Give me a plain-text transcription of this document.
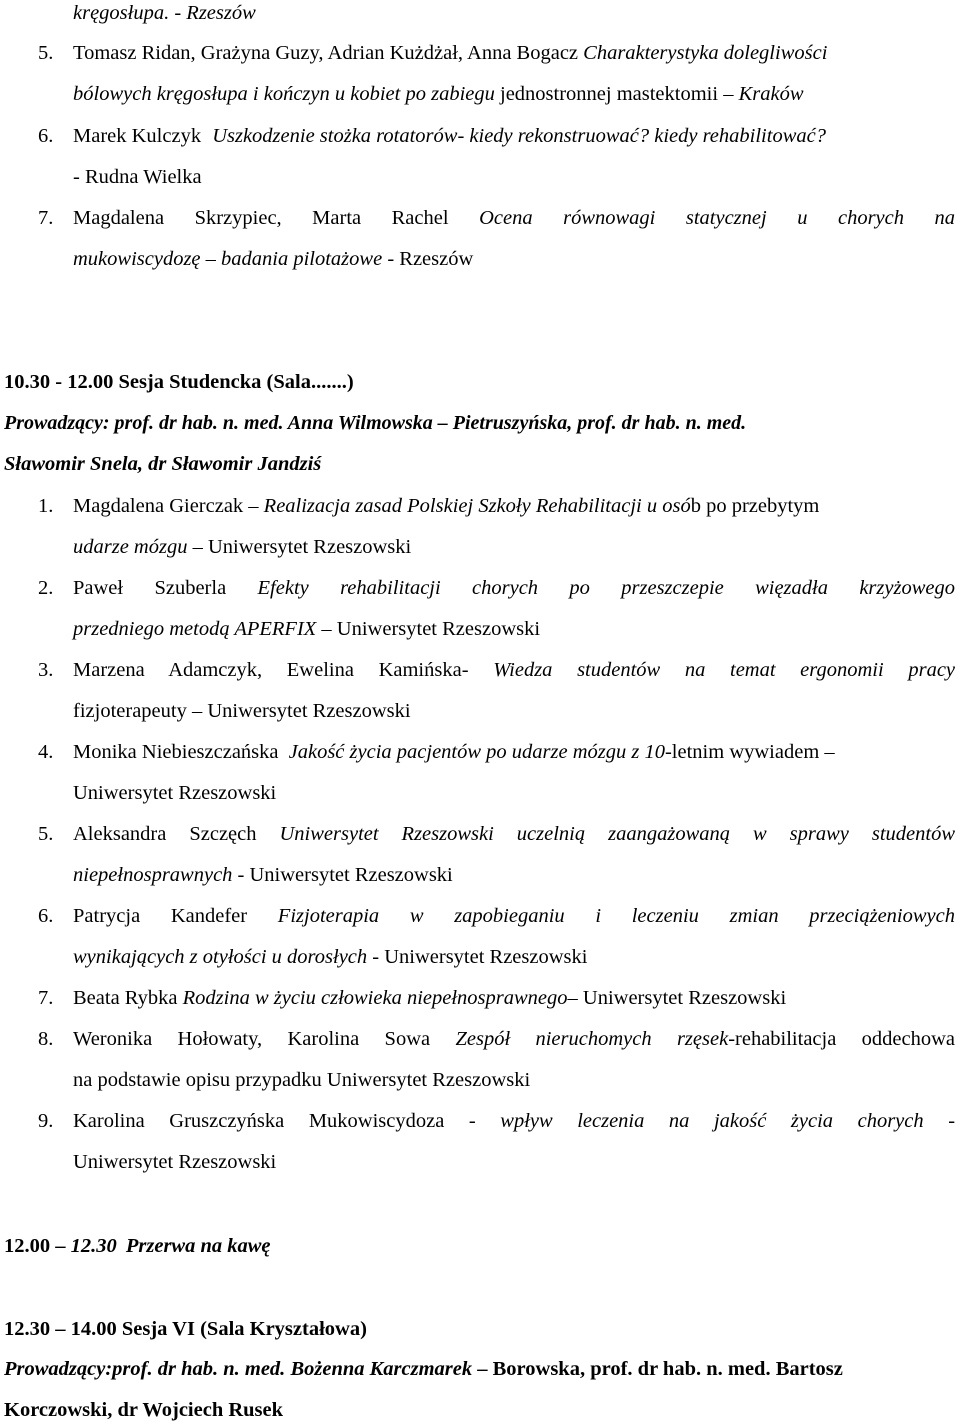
kręgosłupa. - Rzeszów
5. Tomasz Ridan, Grażyna Guzy, Adrian Kużdżał, Anna Bogacz Charakterystyka dolegliwości
bólowych kręgosłupa i kończyn u kobiet po zabiegu jednostronnej mastektomii – Kraków
6. Marek Kulczyk Uszkodzenie stożka rotatorów- kiedy rekonstruować? kiedy rehabilitować?
- Rudna Wielka
7. Magdalena Skrzypiec, Marta Rachel Ocena równowagi statycznej u chorych na
mukowiscydozę – badania pilotażowe - Rzeszów
10.30 - 12.00 Sesja Studencka (Sala.......)
Prowadzący: prof. dr hab. n. med. Anna Wilmowska – Pietruszyńska, prof. dr hab. n. med.
Sławomir Snela, dr Sławomir Jandziś
1. Magdalena Gierczak – Realizacja zasad Polskiej Szkoły Rehabilitacji u osób po przebytym
udarze mózgu – Uniwersytet Rzeszowski
2. Paweł Szuberla Efekty rehabilitacji chorych po przeszczepie więzadła krzyżowego
przedniego metodą APERFIX – Uniwersytet Rzeszowski
3. Marzena Adamczyk, Ewelina Kamińska- Wiedza studentów na temat ergonomii pracy
fizjoterapeuty – Uniwersytet Rzeszowski
4. Monika Niebieszczańska Jakość życia pacjentów po udarze mózgu z 10-letnim wywiadem –
Uniwersytet Rzeszowski
5. Aleksandra Szczęch Uniwersytet Rzeszowski uczelnią zaangażowaną w sprawy studentów
niepełnosprawnych - Uniwersytet Rzeszowski
6. Patrycja Kandefer Fizjoterapia w zapobieganiu i leczeniu zmian przeciążeniowych
wynikających z otyłości u dorosłych - Uniwersytet Rzeszowski
7. Beata Rybka Rodzina w życiu człowieka niepełnosprawnego– Uniwersytet Rzeszowski
8. Weronika Hołowaty, Karolina Sowa Zespół nieruchomych rzęsek-rehabilitacja oddechowa
na podstawie opisu przypadku Uniwersytet Rzeszowski
9. Karolina Gruszczyńska Mukowiscydoza - wpływ leczenia na jakość życia chorych -
Uniwersytet Rzeszowski
12.00 – 12.30 Przerwa na kawę
12.30 – 14.00 Sesja VI (Sala Kryształowa)
Prowadzący:prof. dr hab. n. med. Bożenna Karczmarek – Borowska, prof. dr hab. n. med. Bartosz
Korczowski, dr Wojciech Rusek
